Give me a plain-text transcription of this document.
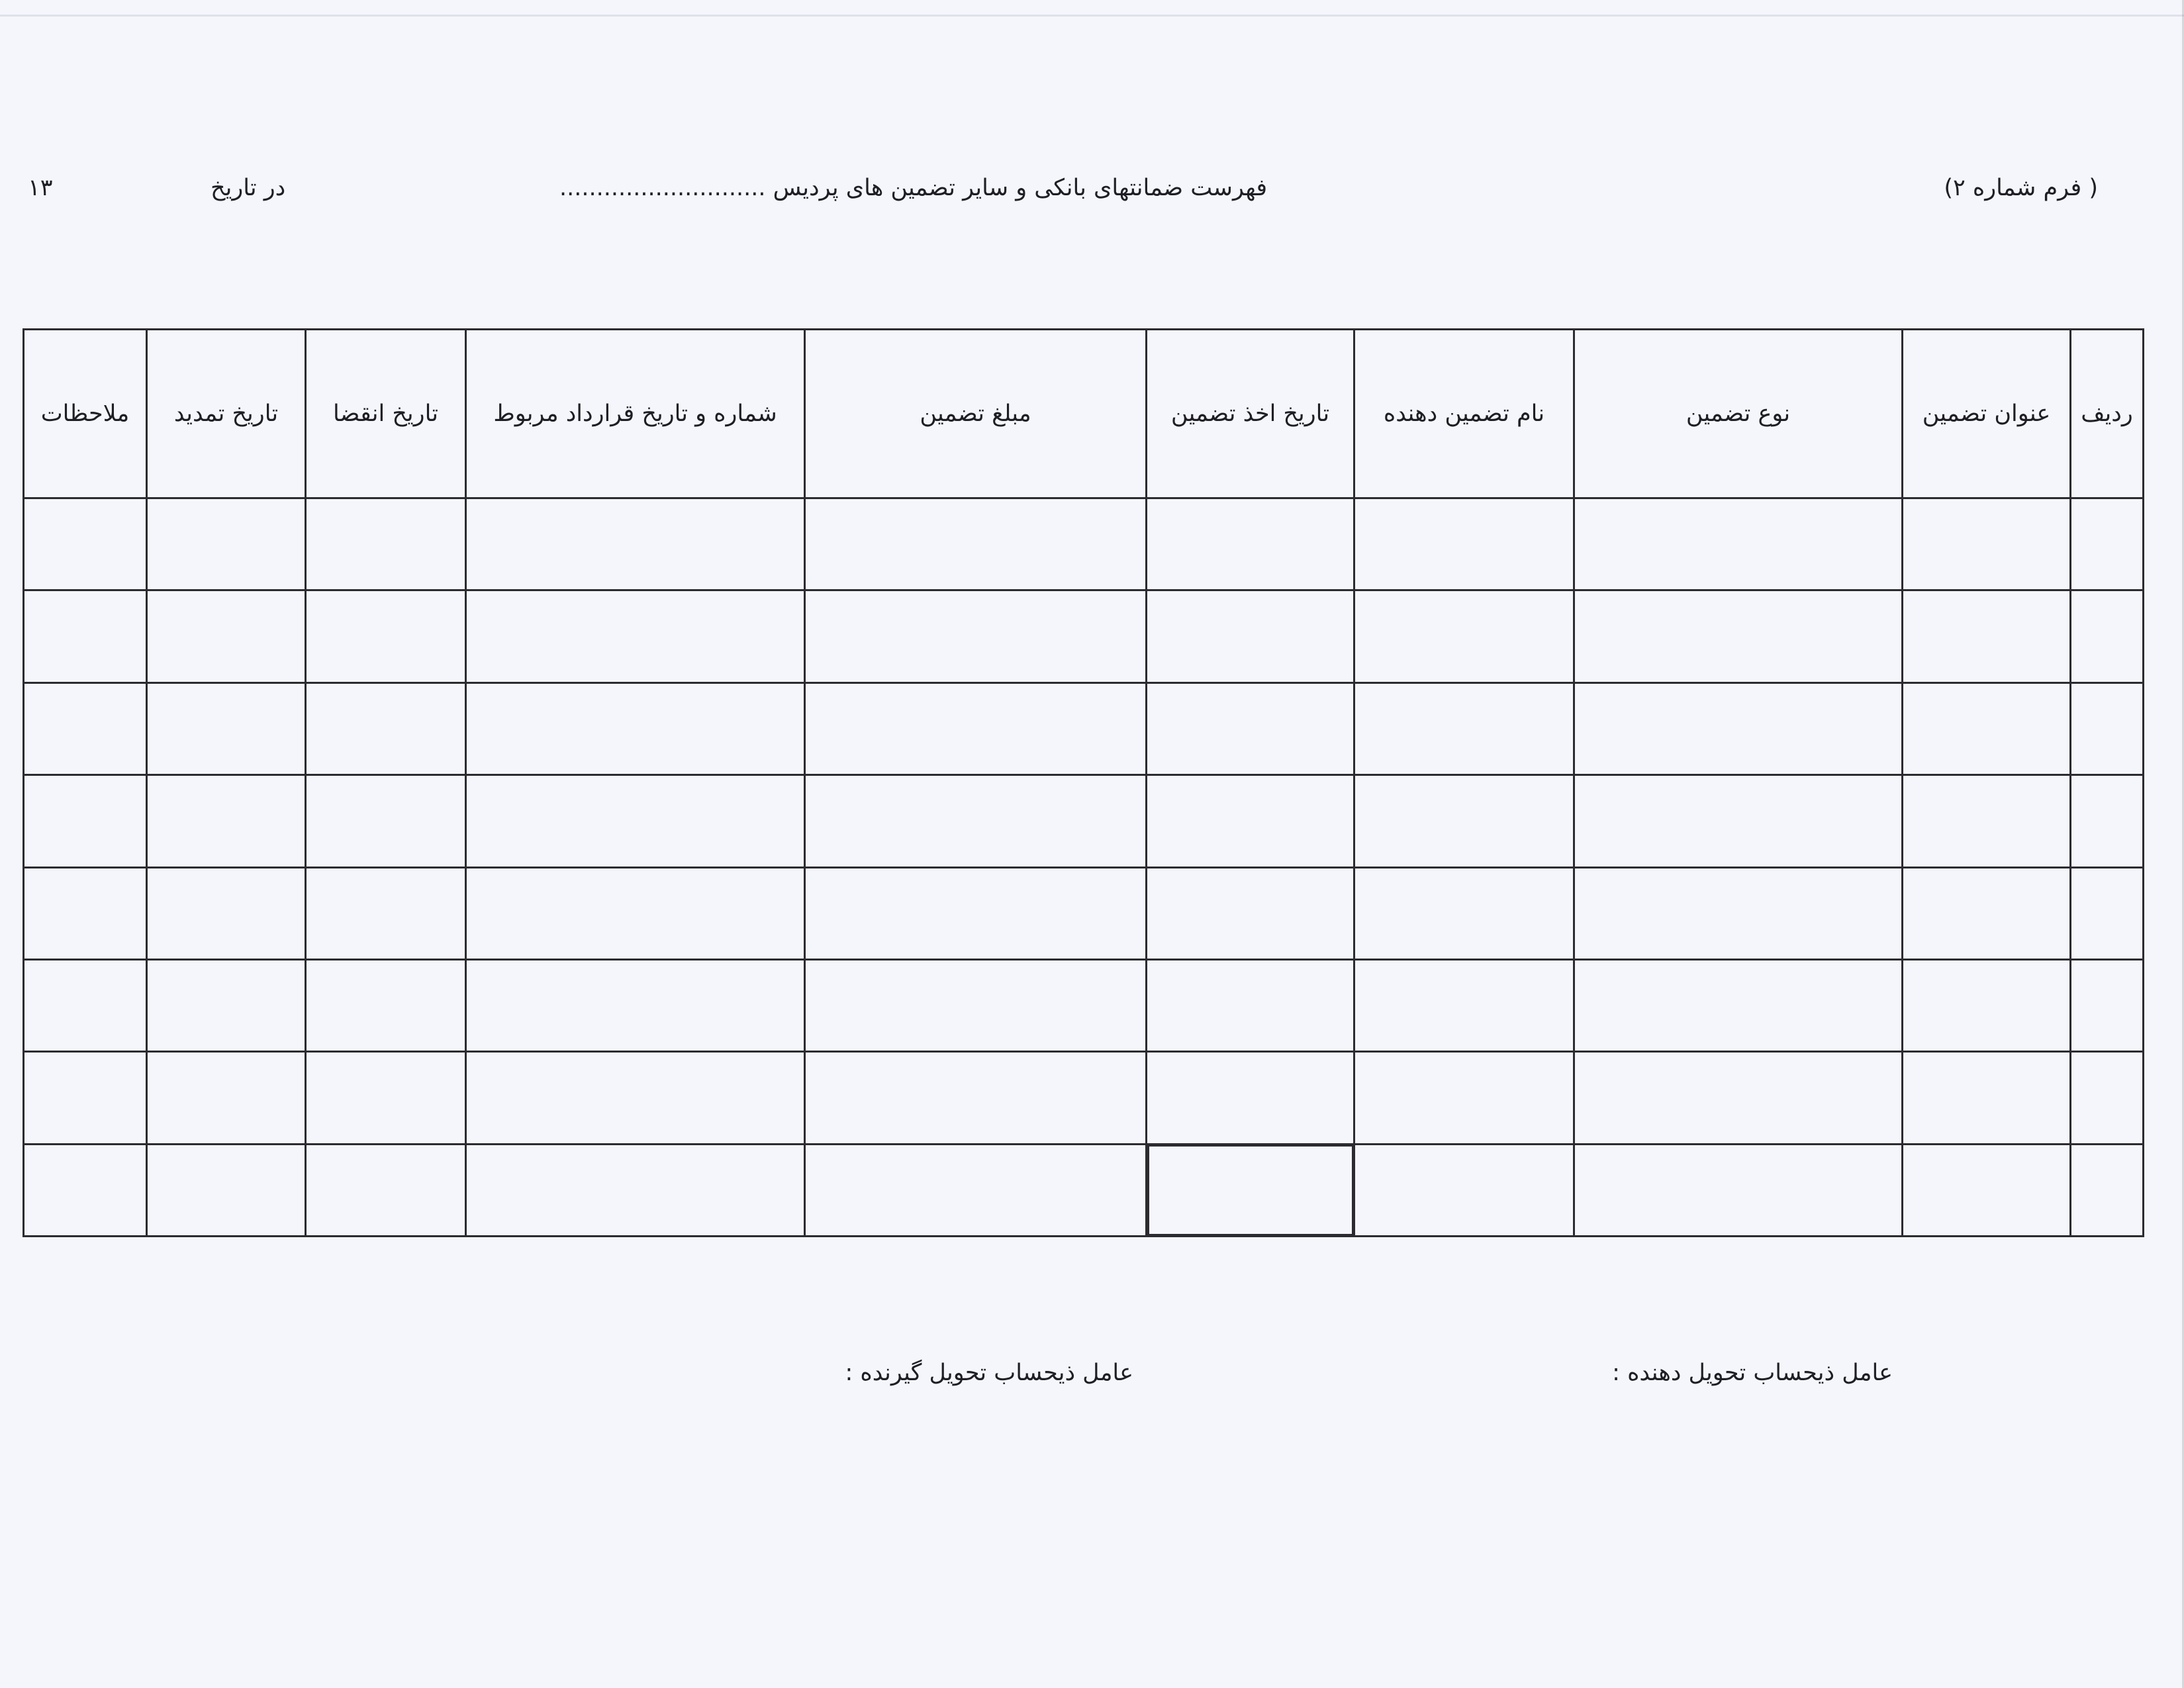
( فرم شماره ۲)
فهرست ضمانتهای بانکی و سایر تضمین های پردیس ............................
در تاریخ
۱۳
ردیف	عنوان تضمین	نوع تضمین	نام تضمین دهنده	تاریخ اخذ تضمین	مبلغ تضمین	شماره و تاریخ قرارداد مربوط	تاریخ انقضا	تاریخ تمدید	ملاحظات

عامل ذیحساب تحویل دهنده :
عامل ذیحساب تحویل گیرنده :
